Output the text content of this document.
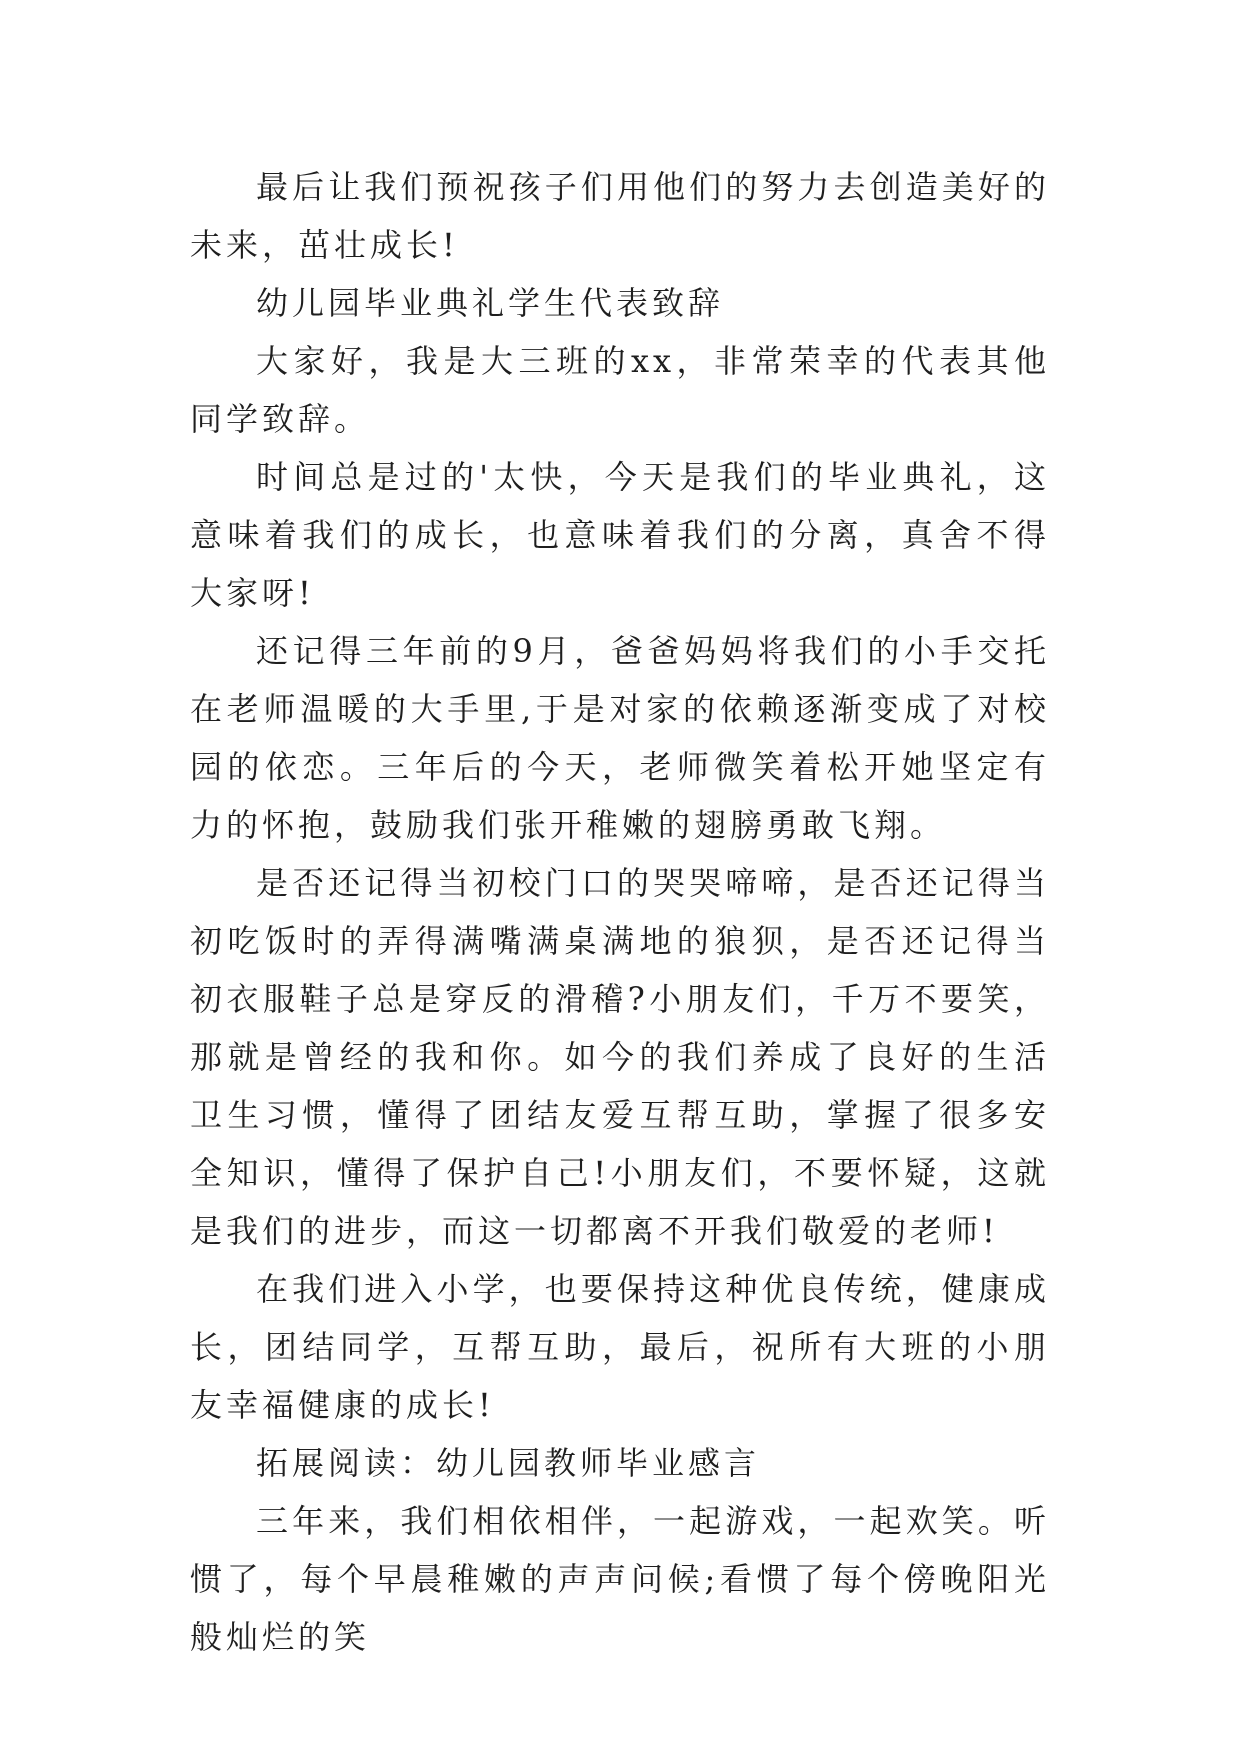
最后让我们预祝孩子们用他们的努力去创造美好的未来，茁壮成长!

幼儿园毕业典礼学生代表致辞

大家好，我是大三班的xx，非常荣幸的代表其他同学致辞。

时间总是过的'太快，今天是我们的毕业典礼，这意味着我们的成长，也意味着我们的分离，真舍不得大家呀!

还记得三年前的9月，爸爸妈妈将我们的小手交托在老师温暖的大手里,于是对家的依赖逐渐变成了对校园的依恋。三年后的今天，老师微笑着松开她坚定有力的怀抱，鼓励我们张开稚嫩的翅膀勇敢飞翔。

是否还记得当初校门口的哭哭啼啼，是否还记得当初吃饭时的弄得满嘴满桌满地的狼狈，是否还记得当初衣服鞋子总是穿反的滑稽?小朋友们，千万不要笑，那就是曾经的我和你。如今的我们养成了良好的生活卫生习惯，懂得了团结友爱互帮互助，掌握了很多安全知识，懂得了保护自己!小朋友们，不要怀疑，这就是我们的进步，而这一切都离不开我们敬爱的老师!

在我们进入小学，也要保持这种优良传统，健康成长，团结同学，互帮互助，最后，祝所有大班的小朋友幸福健康的成长!

拓展阅读：幼儿园教师毕业感言

三年来，我们相依相伴，一起游戏，一起欢笑。听惯了，每个早晨稚嫩的声声问候;看惯了每个傍晚阳光般灿烂的笑
